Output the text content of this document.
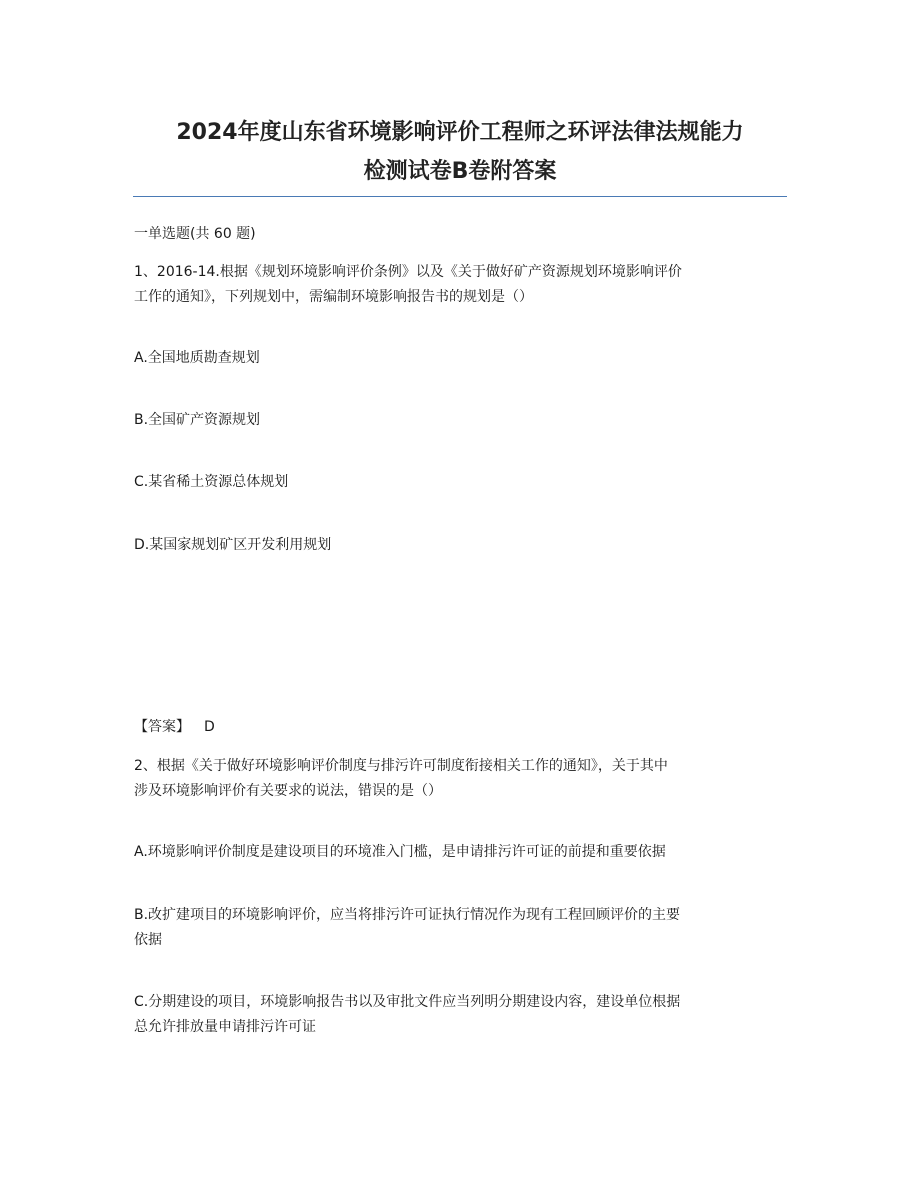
2024年度山东省环境影响评价工程师之环评法律法规能力
检测试卷B卷附答案
一单选题(共 60 题)
1、2016-14.根据《规划环境影响评价条例》以及《关于做好矿产资源规划环境影响评价
工作的通知》，下列规划中，需编制环境影响报告书的规划是（）
A.全国地质勘查规划
B.全国矿产资源规划
C.某省稀土资源总体规划
D.某国家规划矿区开发利用规划
【答案】 D
2、根据《关于做好环境影响评价制度与排污许可制度衔接相关工作的通知》，关于其中
涉及环境影响评价有关要求的说法，错误的是（）
A.环境影响评价制度是建设项目的环境准入门槛，是申请排污许可证的前提和重要依据
B.改扩建项目的环境影响评价，应当将排污许可证执行情况作为现有工程回顾评价的主要
依据
C.分期建设的项目，环境影响报告书以及审批文件应当列明分期建设内容，建设单位根据
总允许排放量申请排污许可证
